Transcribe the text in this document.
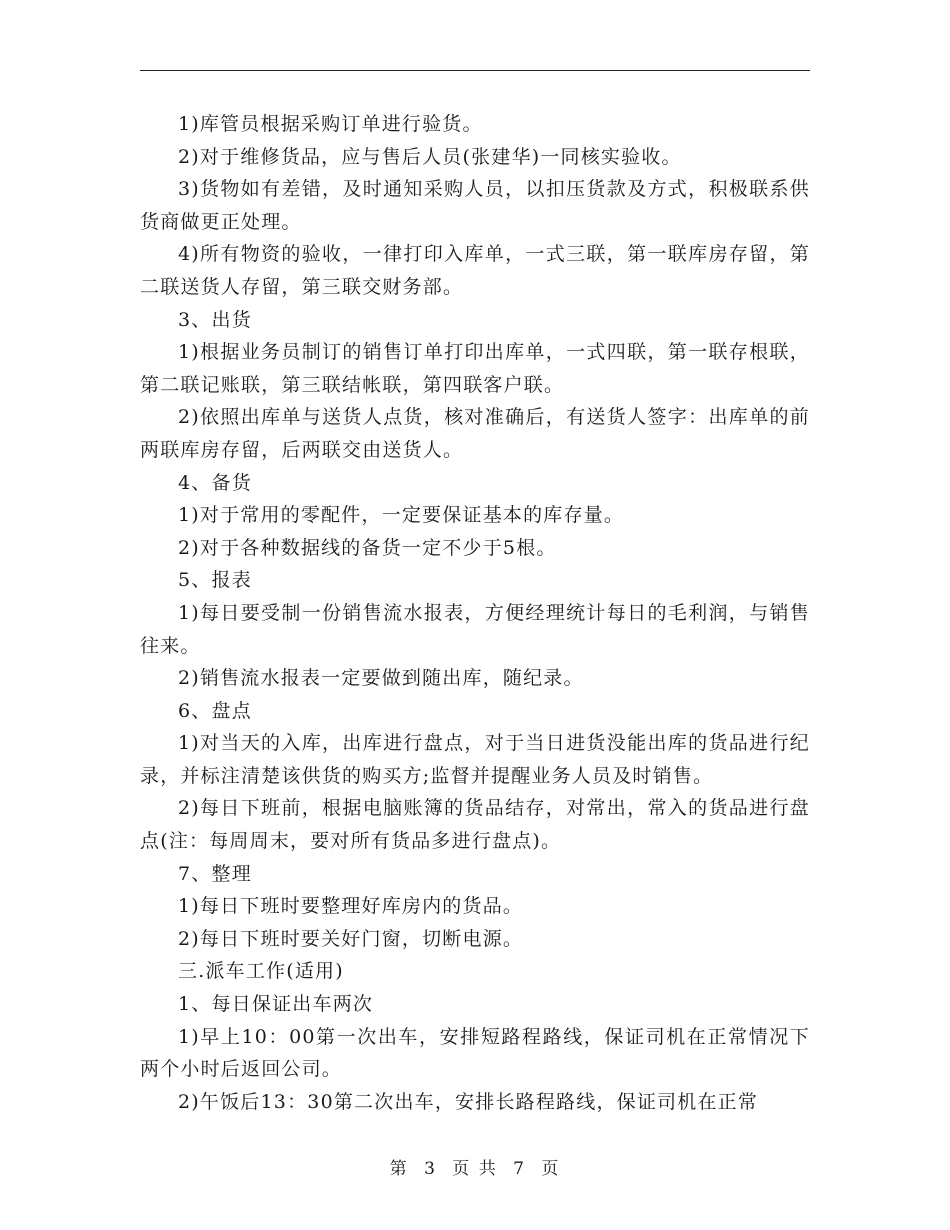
1)库管员根据采购订单进行验货。

2)对于维修货品，应与售后人员(张建华)一同核实验收。

3)货物如有差错，及时通知采购人员，以扣压货款及方式，积极联系供货商做更正处理。

4)所有物资的验收，一律打印入库单，一式三联，第一联库房存留，第二联送货人存留，第三联交财务部。

3、出货

1)根据业务员制订的销售订单打印出库单，一式四联，第一联存根联，第二联记账联，第三联结帐联，第四联客户联。

2)依照出库单与送货人点货，核对准确后，有送货人签字：出库单的前两联库房存留，后两联交由送货人。

4、备货

1)对于常用的零配件，一定要保证基本的库存量。

2)对于各种数据线的备货一定不少于5根。

5、报表

1)每日要受制一份销售流水报表，方便经理统计每日的毛利润，与销售往来。

2)销售流水报表一定要做到随出库，随纪录。

6、盘点

1)对当天的入库，出库进行盘点，对于当日进货没能出库的货品进行纪录，并标注清楚该供货的购买方;监督并提醒业务人员及时销售。

2)每日下班前，根据电脑账簿的货品结存，对常出，常入的货品进行盘点(注：每周周末，要对所有货品多进行盘点)。

7、整理

1)每日下班时要整理好库房内的货品。

2)每日下班时要关好门窗，切断电源。

三.派车工作(适用)

1、每日保证出车两次

1)早上10：00第一次出车，安排短路程路线，保证司机在正常情况下两个小时后返回公司。

2)午饭后13：30第二次出车，安排长路程路线，保证司机在正常

第 3 页 共 7 页
